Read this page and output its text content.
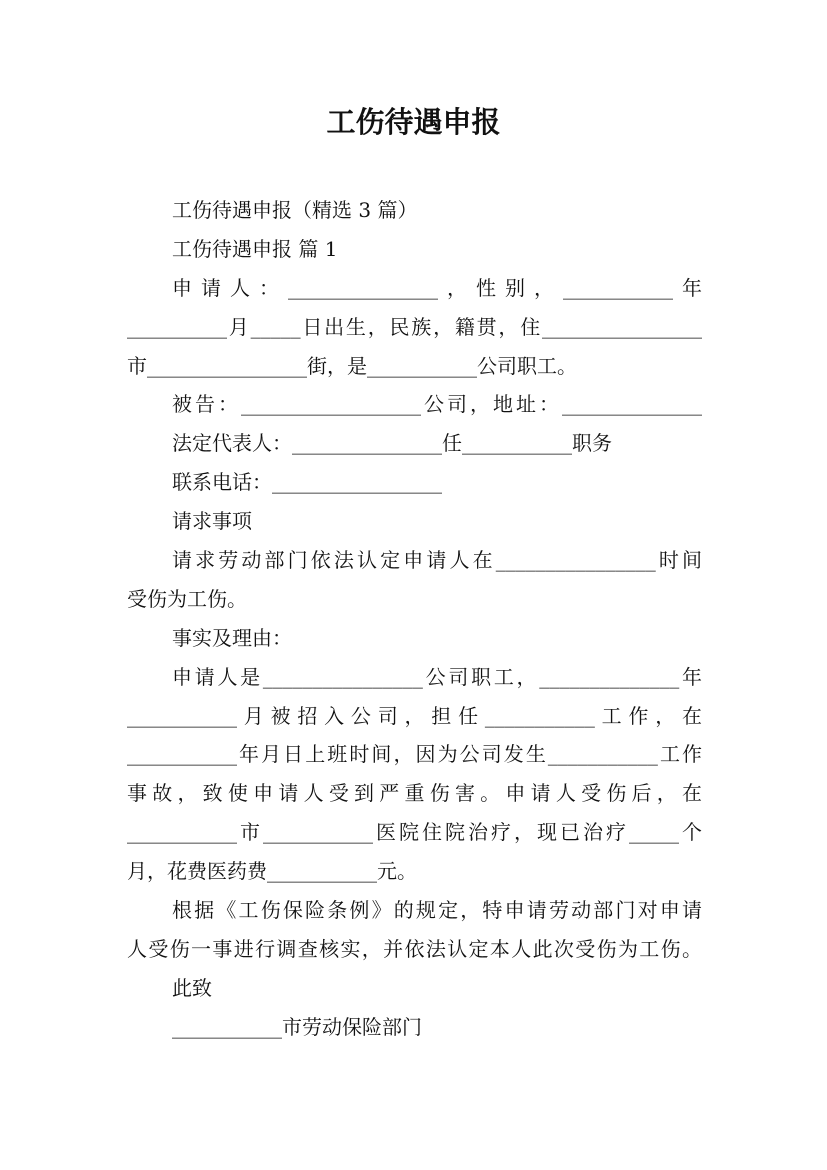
工伤待遇申报
工伤待遇申报（精选 3 篇）
工伤待遇申报 篇 1
申请人：_______________，性别，___________年
__________月_____日出生，民族，籍贯，住________________
市________________街，是___________公司职工。
被告：__________________公司，地址：______________
法定代表人：_______________任___________职务
联系电话：_________________
请求事项
请求劳动部门依法认定申请人在________________时间
受伤为工伤。
事实及理由：
申请人是________________公司职工，______________年
___________月被招入公司，担任___________工作，在
___________年月日上班时间，因为公司发生___________工作
事故，致使申请人受到严重伤害。申请人受伤后，在
___________市___________医院住院治疗，现已治疗_____个
月，花费医药费___________元。
根据《工伤保险条例》的规定，特申请劳动部门对申请
人受伤一事进行调查核实，并依法认定本人此次受伤为工伤。
此致
___________市劳动保险部门
